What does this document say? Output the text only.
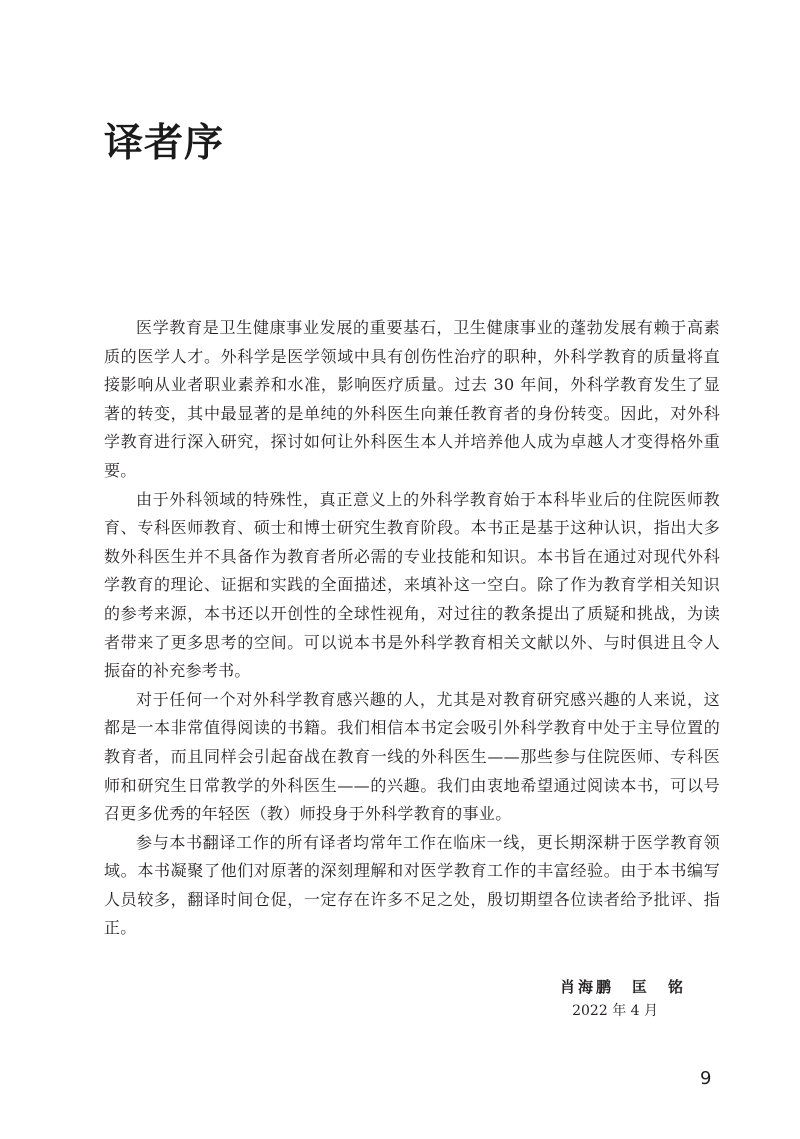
译者序

医学教育是卫生健康事业发展的重要基石，卫生健康事业的蓬勃发展有赖于高素质的医学人才。外科学是医学领域中具有创伤性治疗的职种，外科学教育的质量将直接影响从业者职业素养和水准，影响医疗质量。过去 30 年间，外科学教育发生了显著的转变，其中最显著的是单纯的外科医生向兼任教育者的身份转变。因此，对外科学教育进行深入研究，探讨如何让外科医生本人并培养他人成为卓越人才变得格外重要。

由于外科领域的特殊性，真正意义上的外科学教育始于本科毕业后的住院医师教育、专科医师教育、硕士和博士研究生教育阶段。本书正是基于这种认识，指出大多数外科医生并不具备作为教育者所必需的专业技能和知识。本书旨在通过对现代外科学教育的理论、证据和实践的全面描述，来填补这一空白。除了作为教育学相关知识的参考来源，本书还以开创性的全球性视角，对过往的教条提出了质疑和挑战，为读者带来了更多思考的空间。可以说本书是外科学教育相关文献以外、与时俱进且令人振奋的补充参考书。

对于任何一个对外科学教育感兴趣的人，尤其是对教育研究感兴趣的人来说，这都是一本非常值得阅读的书籍。我们相信本书定会吸引外科学教育中处于主导位置的教育者，而且同样会引起奋战在教育一线的外科医生——那些参与住院医师、专科医师和研究生日常教学的外科医生——的兴趣。我们由衷地希望通过阅读本书，可以号召更多优秀的年轻医（教）师投身于外科学教育的事业。

参与本书翻译工作的所有译者均常年工作在临床一线，更长期深耕于医学教育领域。本书凝聚了他们对原著的深刻理解和对医学教育工作的丰富经验。由于本书编写人员较多，翻译时间仓促，一定存在许多不足之处，殷切期望各位读者给予批评、指正。

肖海鹏　匡　铭

2022 年 4 月

9
